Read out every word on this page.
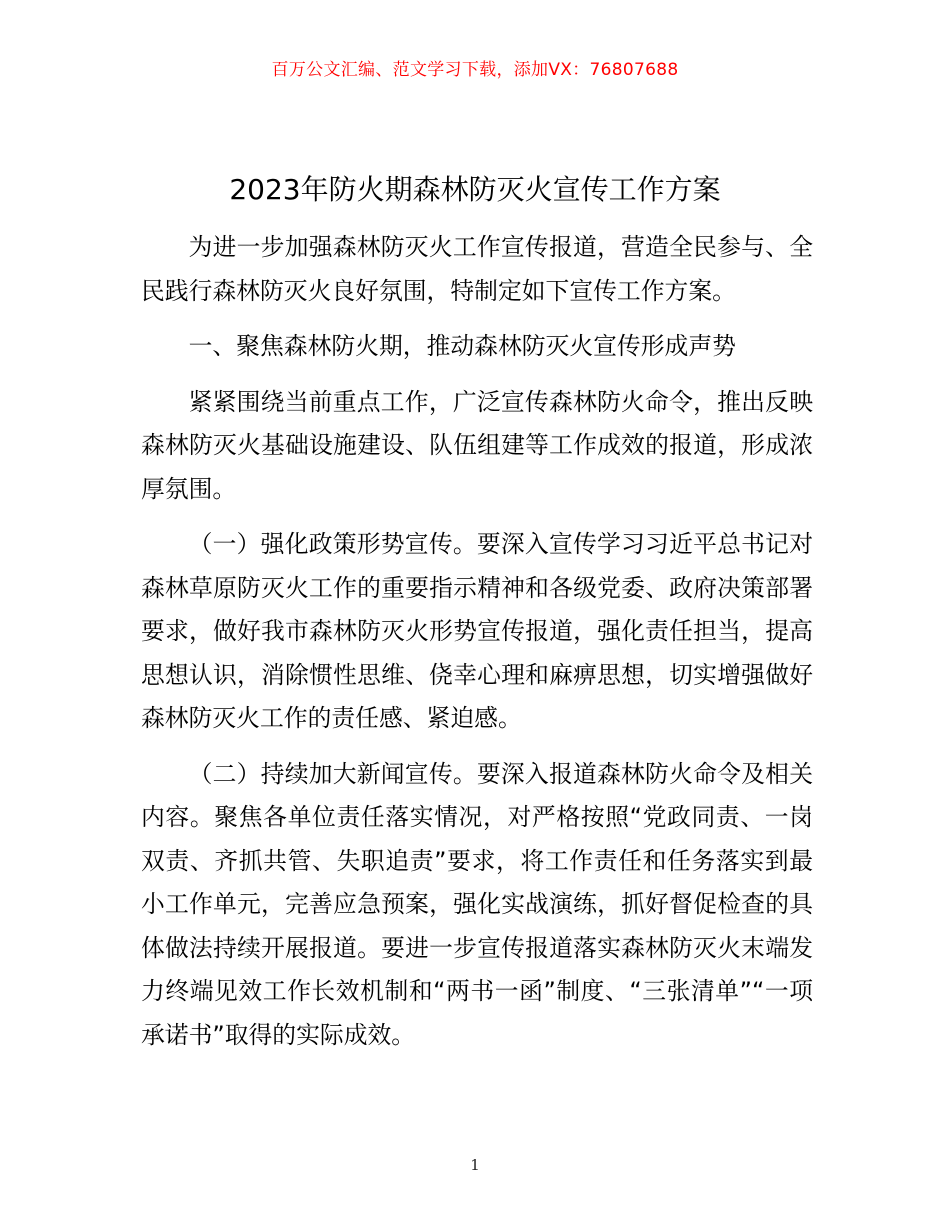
百万公文汇编、范文学习下载，添加VX：76807688
2023年防火期森林防灭火宣传工作方案

为进一步加强森林防灭火工作宣传报道，营造全民参与、全民践行森林防灭火良好氛围，特制定如下宣传工作方案。

一、聚焦森林防火期，推动森林防灭火宣传形成声势

紧紧围绕当前重点工作，广泛宣传森林防火命令，推出反映森林防灭火基础设施建设、队伍组建等工作成效的报道，形成浓厚氛围。

（一）强化政策形势宣传。要深入宣传学习习近平总书记对森林草原防灭火工作的重要指示精神和各级党委、政府决策部署要求，做好我市森林防灭火形势宣传报道，强化责任担当，提高思想认识，消除惯性思维、侥幸心理和麻痹思想，切实增强做好森林防灭火工作的责任感、紧迫感。

（二）持续加大新闻宣传。要深入报道森林防火命令及相关内容。聚焦各单位责任落实情况，对严格按照“党政同责、一岗双责、齐抓共管、失职追责”要求，将工作责任和任务落实到最小工作单元，完善应急预案，强化实战演练，抓好督促检查的具体做法持续开展报道。要进一步宣传报道落实森林防灭火末端发力终端见效工作长效机制和“两书一函”制度、“三张清单”“一项承诺书”取得的实际成效。

1
